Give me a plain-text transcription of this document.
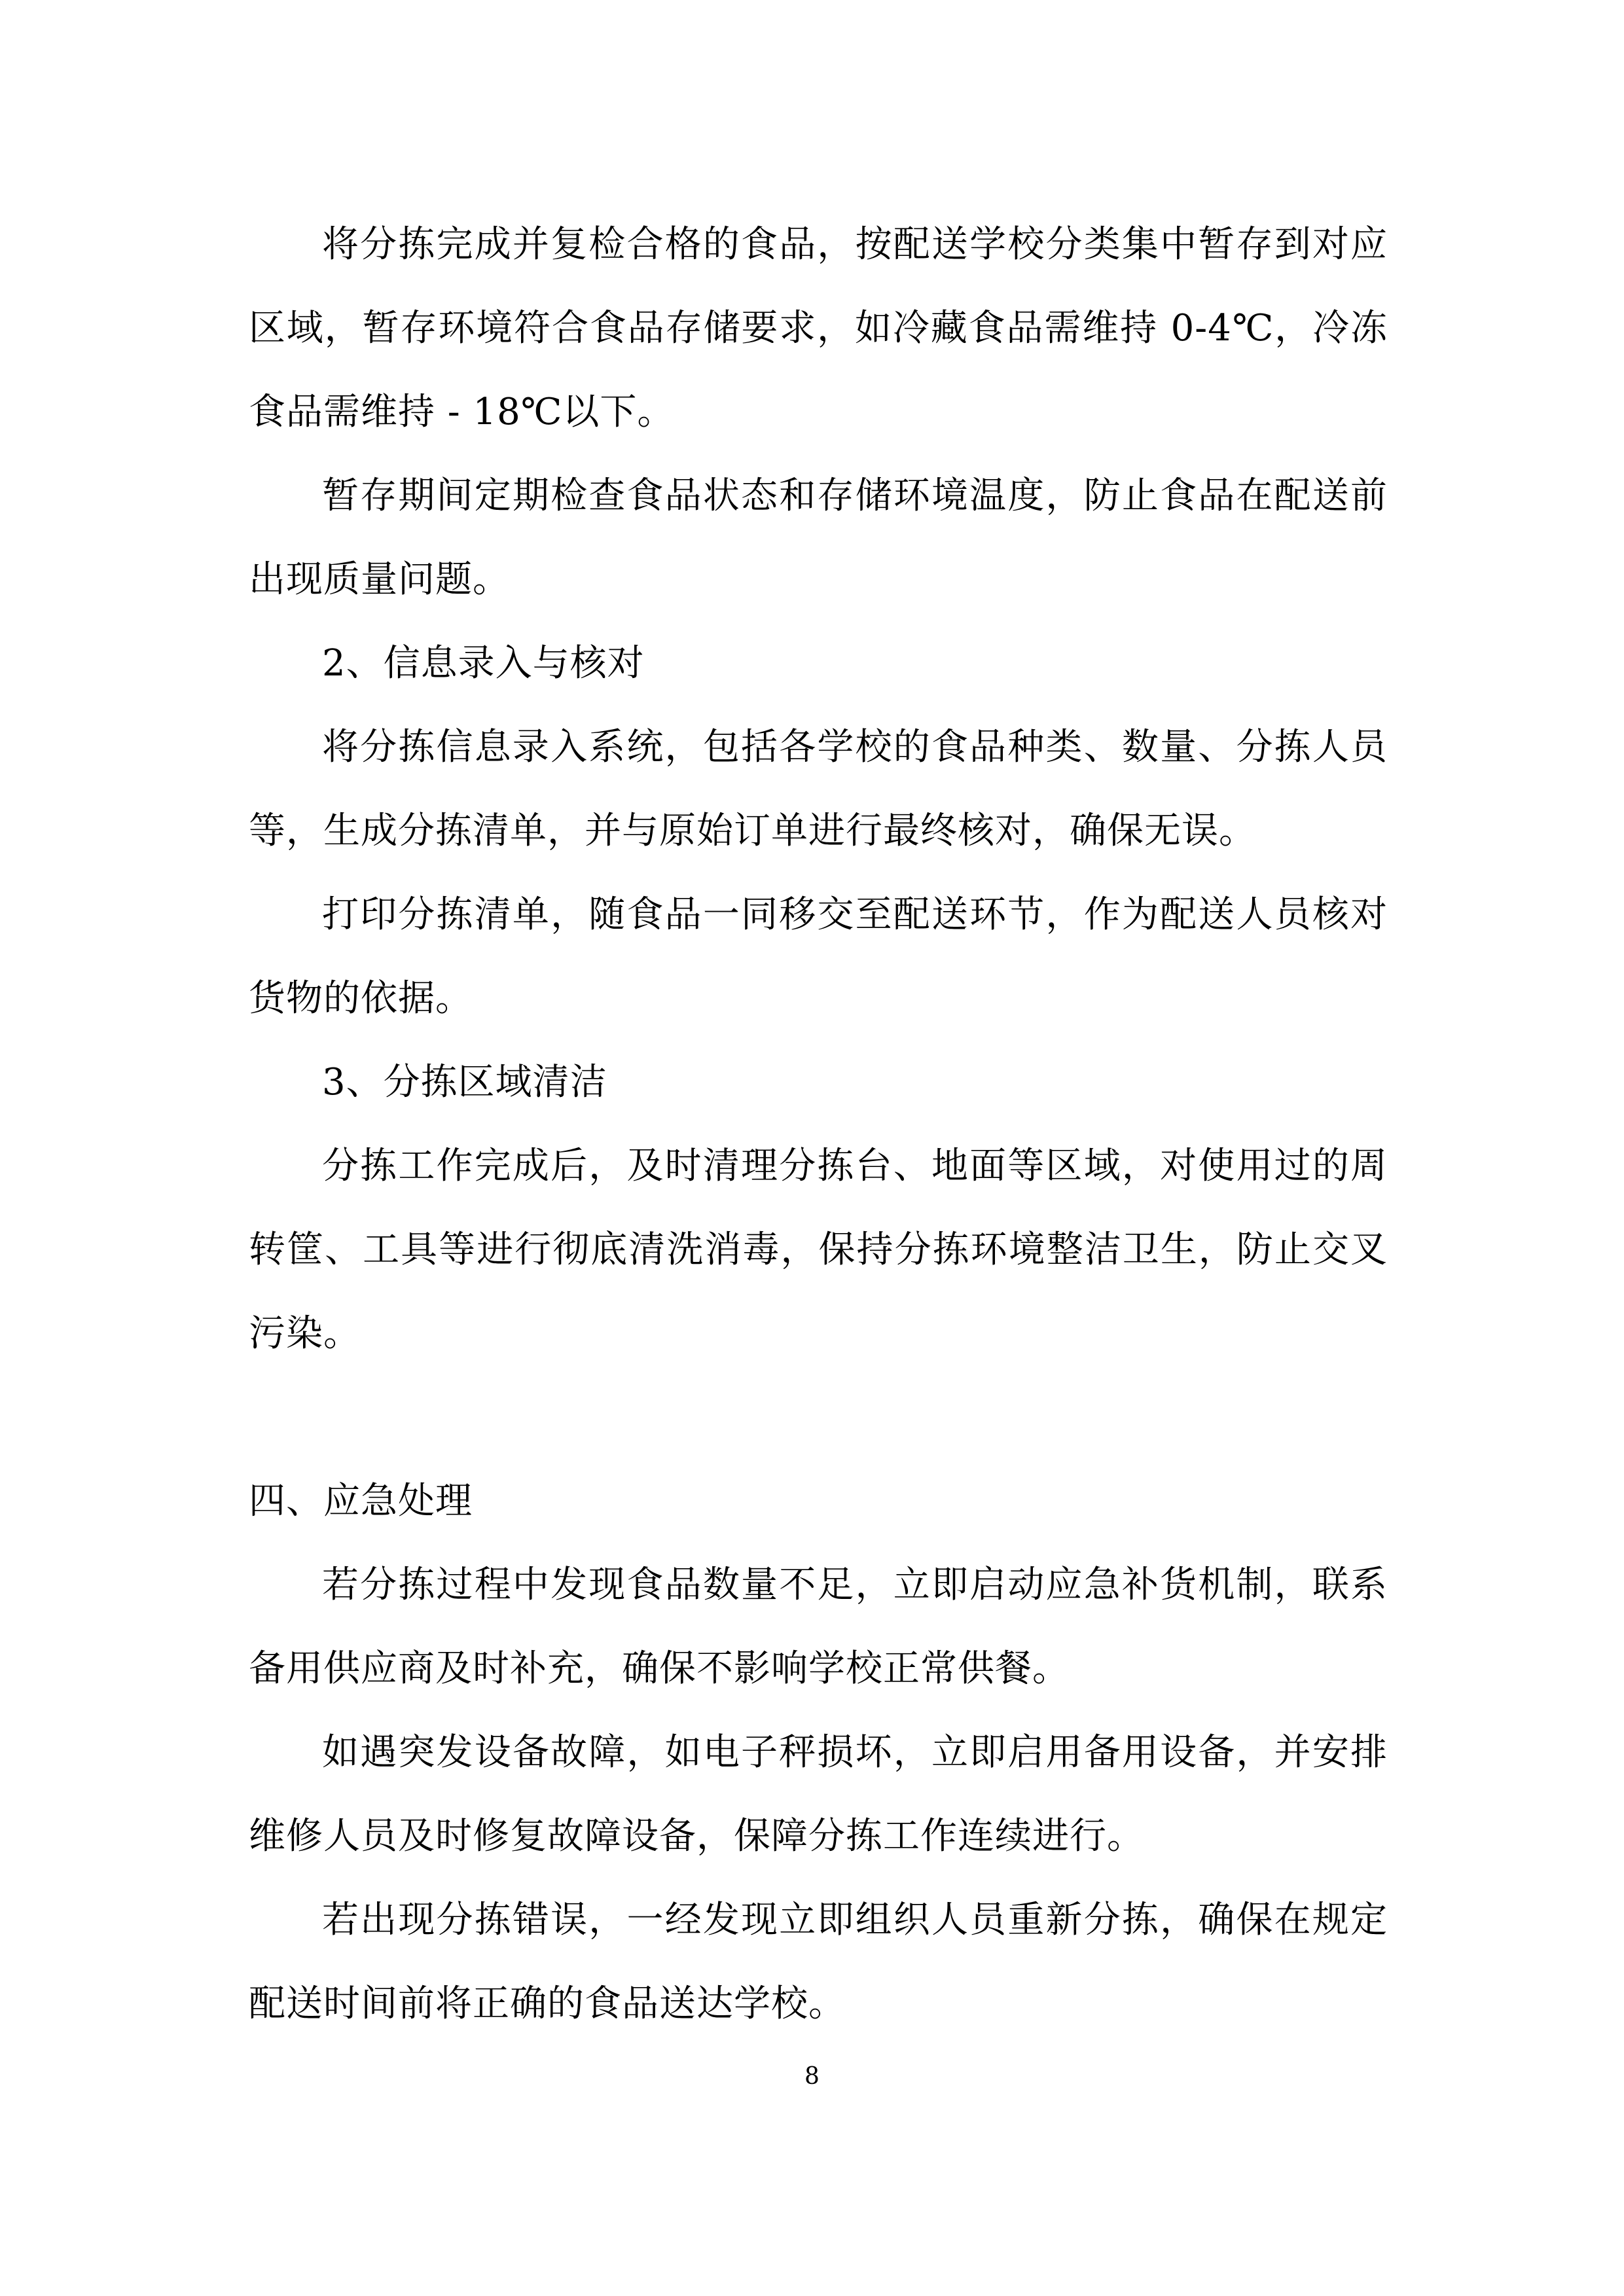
将分拣完成并复检合格的食品，按配送学校分类集中暂存到对应区域，暂存环境符合食品存储要求，如冷藏食品需维持 0-4℃，冷冻食品需维持 - 18℃以下。

暂存期间定期检查食品状态和存储环境温度，防止食品在配送前出现质量问题。

2、信息录入与核对

将分拣信息录入系统，包括各学校的食品种类、数量、分拣人员等，生成分拣清单，并与原始订单进行最终核对，确保无误。

打印分拣清单，随食品一同移交至配送环节，作为配送人员核对货物的依据。

3、分拣区域清洁

分拣工作完成后，及时清理分拣台、地面等区域，对使用过的周转筐、工具等进行彻底清洗消毒，保持分拣环境整洁卫生，防止交叉污染。

四、应急处理

若分拣过程中发现食品数量不足，立即启动应急补货机制，联系备用供应商及时补充，确保不影响学校正常供餐。

如遇突发设备故障，如电子秤损坏，立即启用备用设备，并安排维修人员及时修复故障设备，保障分拣工作连续进行。

若出现分拣错误，一经发现立即组织人员重新分拣，确保在规定配送时间前将正确的食品送达学校。

8
